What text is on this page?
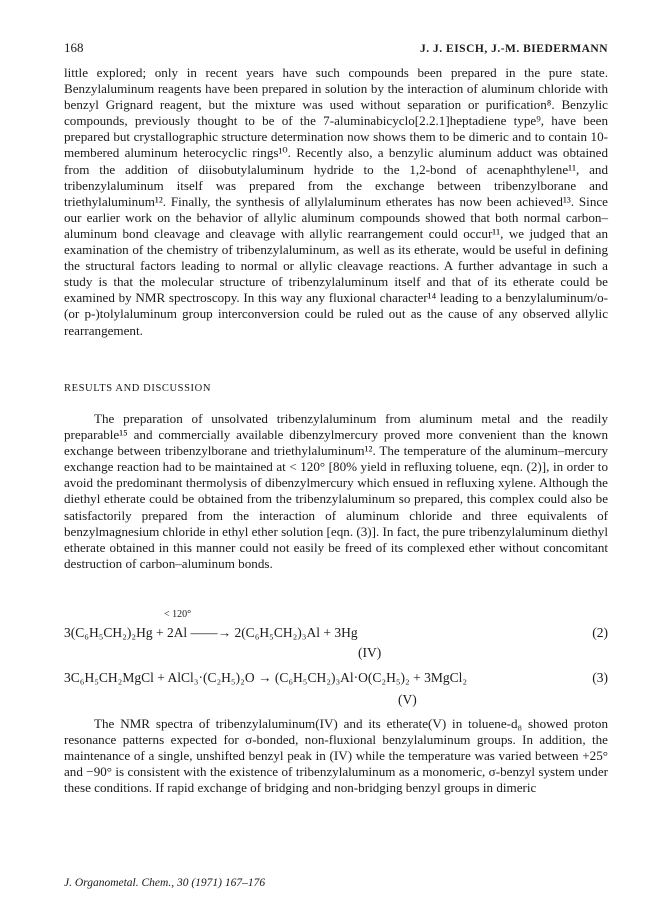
168	J. J. EISCH, J.-M. BIEDERMANN

little explored; only in recent years have such compounds been prepared in the pure state. Benzylaluminum reagents have been prepared in solution by the interaction of aluminum chloride with benzyl Grignard reagent, but the mixture was used without separation or purification⁸. Benzylic compounds, previously thought to be of the 7-aluminabicyclo[2.2.1]heptadiene type⁹, have been prepared but crystallographic structure determination now shows them to be dimeric and to contain 10-membered aluminum heterocyclic rings¹⁰. Recently also, a benzylic aluminum adduct was obtained from the addition of diisobutylaluminum hydride to the 1,2-bond of acenaphthylene¹¹, and tribenzylaluminum itself was prepared from the exchange between tribenzylborane and triethylaluminum¹². Finally, the synthesis of allylaluminum etherates has now been achieved¹³. Since our earlier work on the behavior of allylic aluminum compounds showed that both normal carbon–aluminum bond cleavage and cleavage with allylic rearrangement could occur¹¹, we judged that an examination of the chemistry of tribenzylaluminum, as well as its etherate, would be useful in defining the structural factors leading to normal or allylic cleavage reactions. A further advantage in such a study is that the molecular structure of tribenzylaluminum itself and that of its etherate could be examined by NMR spectroscopy. In this way any fluxional character¹⁴ leading to a benzylaluminum/o- (or p-)tolylaluminum group interconversion could be ruled out as the cause of any observed allylic rearrangement.

RESULTS AND DISCUSSION

The preparation of unsolvated tribenzylaluminum from aluminum metal and the readily preparable¹⁵ and commercially available dibenzylmercury proved more convenient than the known exchange between tribenzylborane and triethylaluminum¹². The temperature of the aluminum–mercury exchange reaction had to be maintained at < 120° [80% yield in refluxing toluene, eqn. (2)], in order to avoid the predominant thermolysis of dibenzylmercury which ensued in refluxing xylene. Although the diethyl etherate could be obtained from the tribenzylaluminum so prepared, this complex could also be satisfactorily prepared from the interaction of aluminum chloride and three equivalents of benzylmagnesium chloride in ethyl ether solution [eqn. (3)]. In fact, the pure tribenzylaluminum diethyl etherate obtained in this manner could not easily be freed of its complexed ether without concomitant destruction of carbon–aluminum bonds.

< 120°
3(C₆H₅CH₂)₂Hg + 2Al ——→ 2(C₆H₅CH₂)₃Al + 3Hg	(2)
(IV)
3C₆H₅CH₂MgCl + AlCl₃·(C₂H₅)₂O → (C₆H₅CH₂)₃Al·O(C₂H₅)₂ + 3MgCl₂	(3)
(V)

The NMR spectra of tribenzylaluminum(IV) and its etherate(V) in toluene-d₈ showed proton resonance patterns expected for σ-bonded, non-fluxional benzylaluminum groups. In addition, the maintenance of a single, unshifted benzyl peak in (IV) while the temperature was varied between +25° and −90° is consistent with the existence of tribenzylaluminum as a monomeric, σ-benzyl system under these conditions. If rapid exchange of bridging and non-bridging benzyl groups in dimeric

J. Organometal. Chem., 30 (1971) 167–176
